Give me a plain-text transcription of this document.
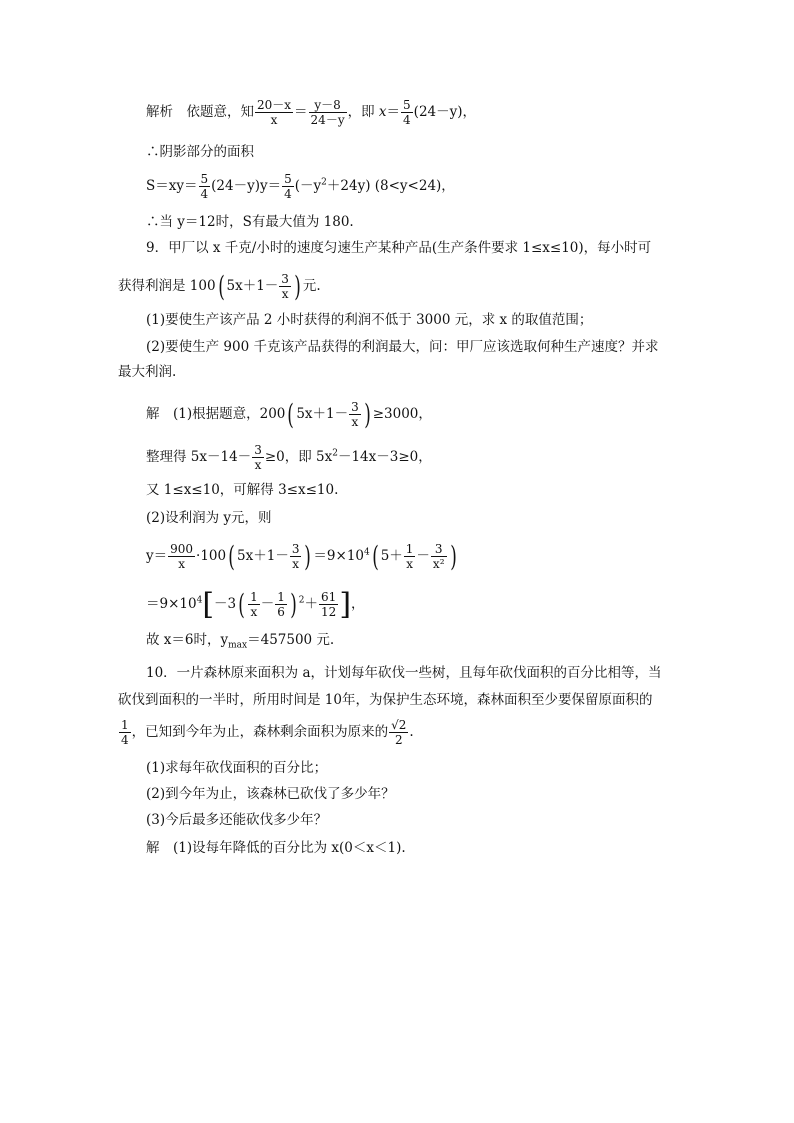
解析　依题意，知 $\frac{20-x}{x} = \frac{y-8}{24-y}$ ，即 $x= \frac{5}{4} (24-y)$，
∴阴影部分的面积
$S=xy= \frac{5}{4} (24-y)y= \frac{5}{4} (-y^2+24y)$ (8<y<24)，
∴当 y＝12时，S有最大值为 180.
9．甲厂以 x 千克/小时的速度匀速生产某种产品(生产条件要求 1≤x≤10)，每小时可
获得利润是 100( $5x+1- \frac{3}{x}$ ) 元.
(1)要使生产该产品 2 小时获得的利润不低于 3000 元，求 x 的取值范围；
(2)要使生产 900 千克该产品获得的利润最大，问：甲厂应该选取何种生产速度？并求
最大利润.
解　(1)根据题意，200( $5x+1- \frac{3}{x}$ ) ≥3000，
整理得 $5x-14- \frac{3}{x} \ge 0$，即 $5x^2-14x-3\ge 0$，
又 1≤x≤10，可解得 3≤x≤10.
(2)设利润为 y元，则
$y= \frac{900}{x} \cdot 100$( $5x+1- \frac{3}{x}$ ) $=9\times 10^4$( $5+ \frac{1}{x} - \frac{3}{\text{x²}}$ )
$=9\times 10^4[-3( \frac{1}{x} - \frac{1}{6}$ ) $^2+ \frac{61}{12}$ ]，
故 x＝6时，$y_{max}=457500$ 元.
10．一片森林原来面积为 a，计划每年砍伐一些树，且每年砍伐面积的百分比相等，当
砍伐到面积的一半时，所用时间是 10年，为保护生态环境，森林面积至少要保留原面积的
$\frac{1}{4}$ ，已知到今年为止，森林剩余面积为原来的 $\frac{√2}{2}$ .
(1)求每年砍伐面积的百分比；
(2)到今年为止，该森林已砍伐了多少年？
(3)今后最多还能砍伐多少年？
解　(1)设每年降低的百分比为 x(0＜x＜1).
